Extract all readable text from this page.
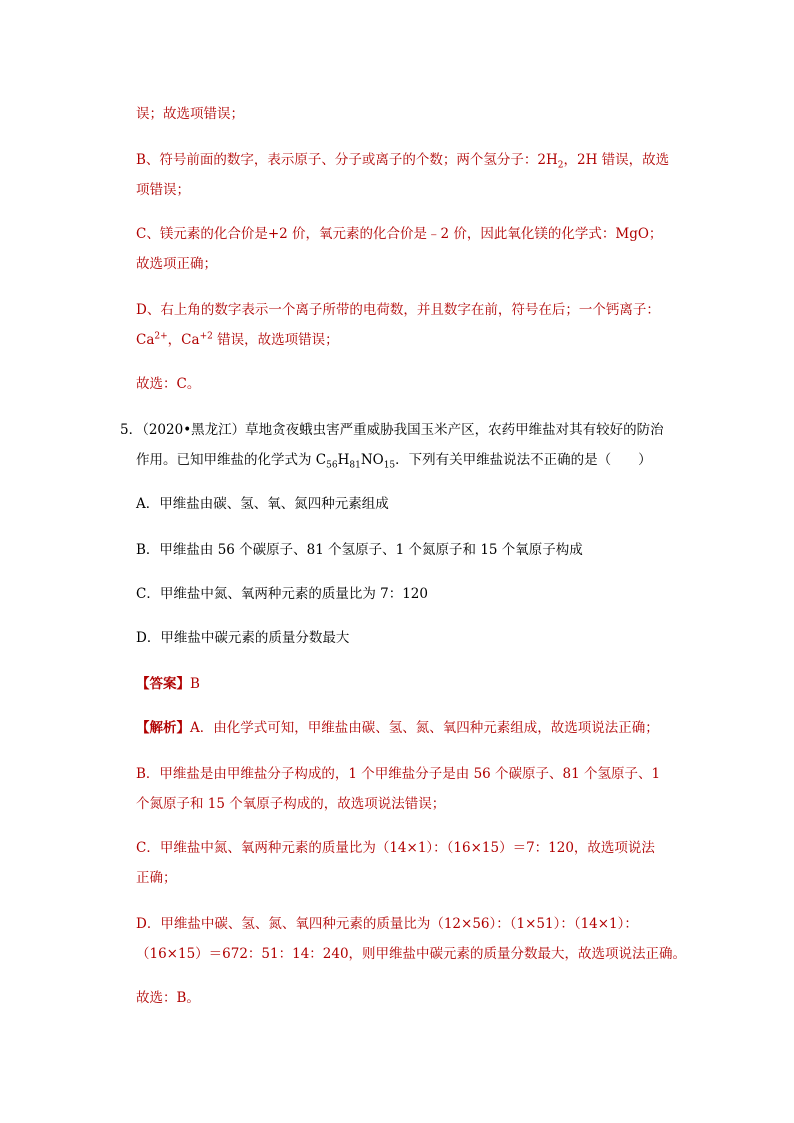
误；故选项错误；
B、符号前面的数字，表示原子、分子或离子的个数；两个氢分子：$2H_2$，2H 错误，故选
项错误；
C、镁元素的化合价是+2 价，氧元素的化合价是﹣2 价，因此氧化镁的化学式：MgO；
故选项正确；
D、右上角的数字表示一个离子所带的电荷数，并且数字在前，符号在后；一个钙离子：
$Ca^{2+}$，$Ca^{+2}$ 错误，故选项错误；
故选：C。
5．（2020•黑龙江）草地贪夜蛾虫害严重威胁我国玉米产区，农药甲维盐对其有较好的防治
作用。已知甲维盐的化学式为 $C_{56}H_{81}NO_{15}$．下列有关甲维盐说法不正确的是（　　）
A．甲维盐由碳、氢、氧、氮四种元素组成
B．甲维盐由 56 个碳原子、81 个氢原子、1 个氮原子和 15 个氧原子构成
C．甲维盐中氮、氧两种元素的质量比为 7：120
D．甲维盐中碳元素的质量分数最大
【答案】B
【解析】A．由化学式可知，甲维盐由碳、氢、氮、氧四种元素组成，故选项说法正确；
B．甲维盐是由甲维盐分子构成的，1 个甲维盐分子是由 56 个碳原子、81 个氢原子、1
个氮原子和 15 个氧原子构成的，故选项说法错误；
C．甲维盐中氮、氧两种元素的质量比为（14×1）：（16×15）＝7：120，故选项说法
正确；
D．甲维盐中碳、氢、氮、氧四种元素的质量比为（12×56）：（1×51）：（14×1）：
（16×15）＝672：51：14：240，则甲维盐中碳元素的质量分数最大，故选项说法正确。
故选：B。
